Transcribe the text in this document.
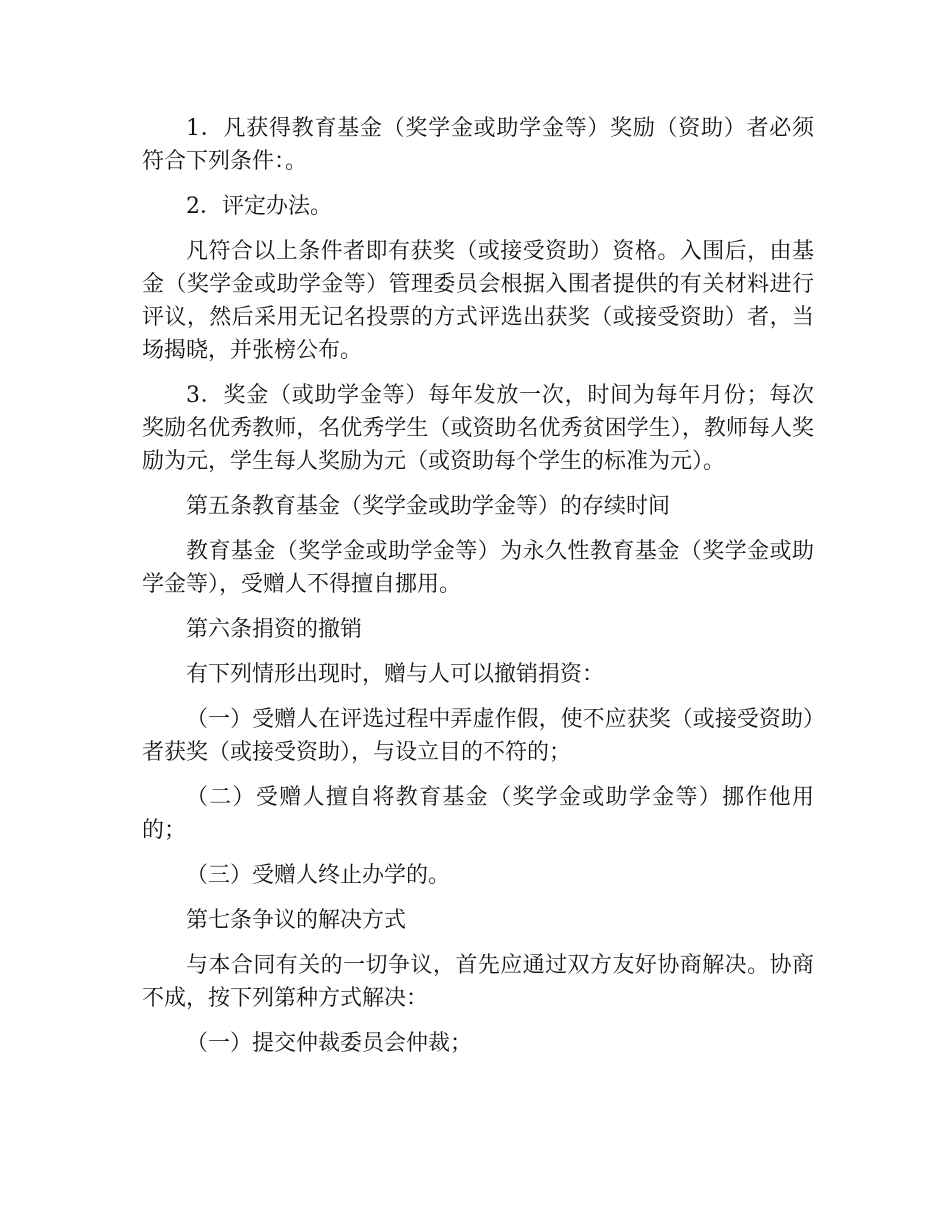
1．凡获得教育基金（奖学金或助学金等）奖励（资助）者必须符合下列条件：。

2．评定办法。

凡符合以上条件者即有获奖（或接受资助）资格。入围后，由基金（奖学金或助学金等）管理委员会根据入围者提供的有关材料进行评议，然后采用无记名投票的方式评选出获奖（或接受资助）者，当场揭晓，并张榜公布。

3．奖金（或助学金等）每年发放一次，时间为每年月份；每次奖励名优秀教师，名优秀学生（或资助名优秀贫困学生），教师每人奖励为元，学生每人奖励为元（或资助每个学生的标准为元）。

第五条教育基金（奖学金或助学金等）的存续时间

教育基金（奖学金或助学金等）为永久性教育基金（奖学金或助学金等），受赠人不得擅自挪用。

第六条捐资的撤销

有下列情形出现时，赠与人可以撤销捐资：

（一）受赠人在评选过程中弄虚作假，使不应获奖（或接受资助）者获奖（或接受资助），与设立目的不符的；

（二）受赠人擅自将教育基金（奖学金或助学金等）挪作他用的；

（三）受赠人终止办学的。

第七条争议的解决方式

与本合同有关的一切争议，首先应通过双方友好协商解决。协商不成，按下列第种方式解决：

（一）提交仲裁委员会仲裁；
